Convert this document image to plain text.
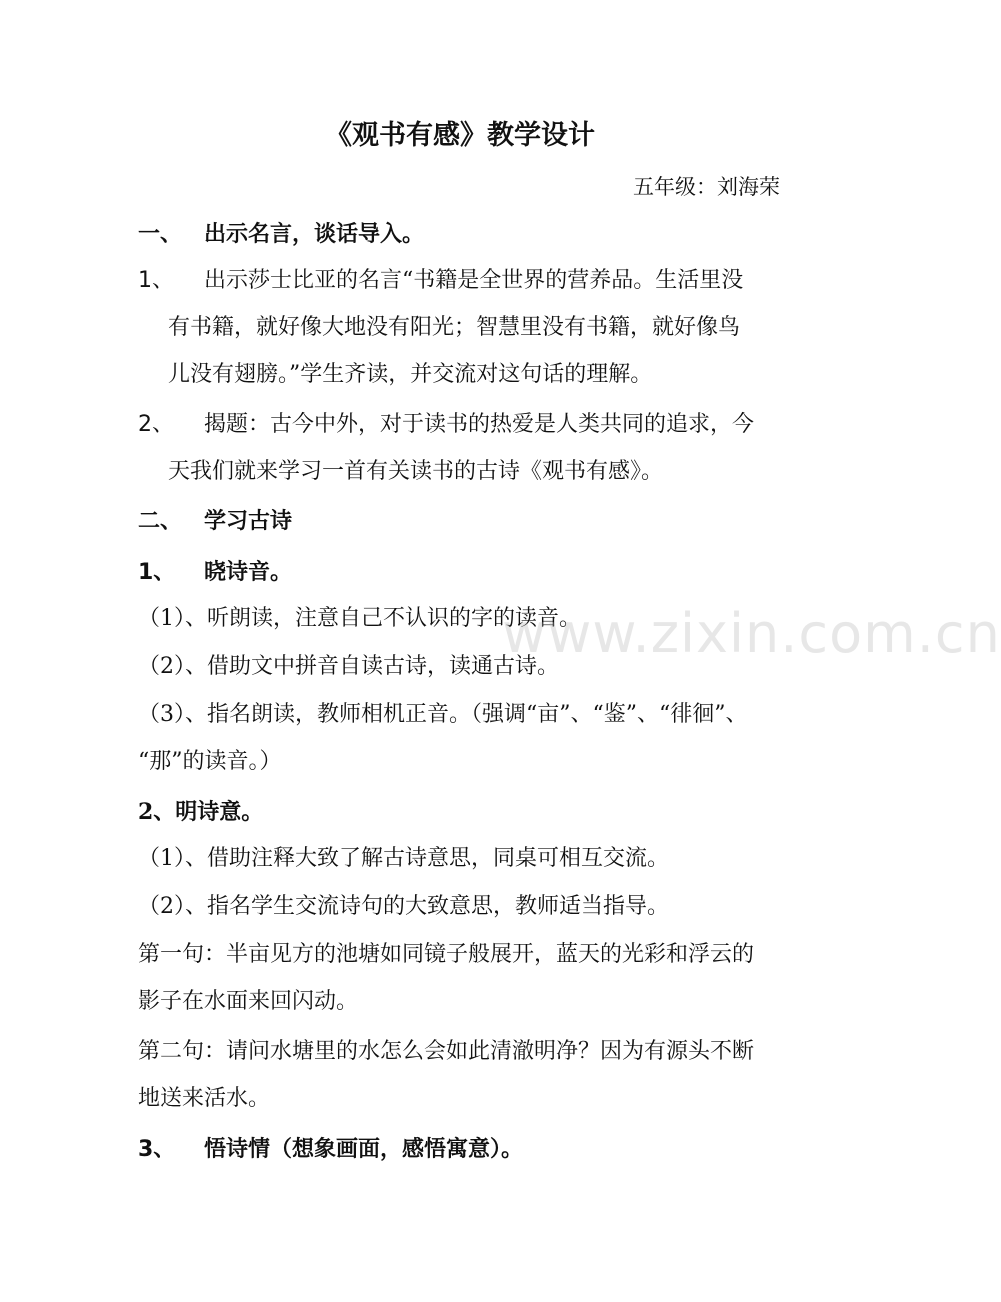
《观书有感》教学设计
五年级：刘海荣
一、 出示名言，谈话导入。
1、 出示莎士比亚的名言“书籍是全世界的营养品。生活里没
有书籍，就好像大地没有阳光；智慧里没有书籍，就好像鸟
儿没有翅膀。”学生齐读，并交流对这句话的理解。
2、 揭题：古今中外，对于读书的热爱是人类共同的追求，今
天我们就来学习一首有关读书的古诗《观书有感》。
二、 学习古诗
1、 晓诗音。
（1）、听朗读，注意自己不认识的字的读音。
（2）、借助文中拼音自读古诗，读通古诗。
（3）、指名朗读，教师相机正音。（强调“亩”、“鉴”、“徘徊”、
“那”的读音。）
2、明诗意。
（1）、借助注释大致了解古诗意思，同桌可相互交流。
（2）、指名学生交流诗句的大致意思，教师适当指导。
第一句：半亩见方的池塘如同镜子般展开，蓝天的光彩和浮云的
影子在水面来回闪动。
第二句：请问水塘里的水怎么会如此清澈明净？因为有源头不断
地送来活水。
3、 悟诗情（想象画面，感悟寓意）。
www.zixin.com.cn
